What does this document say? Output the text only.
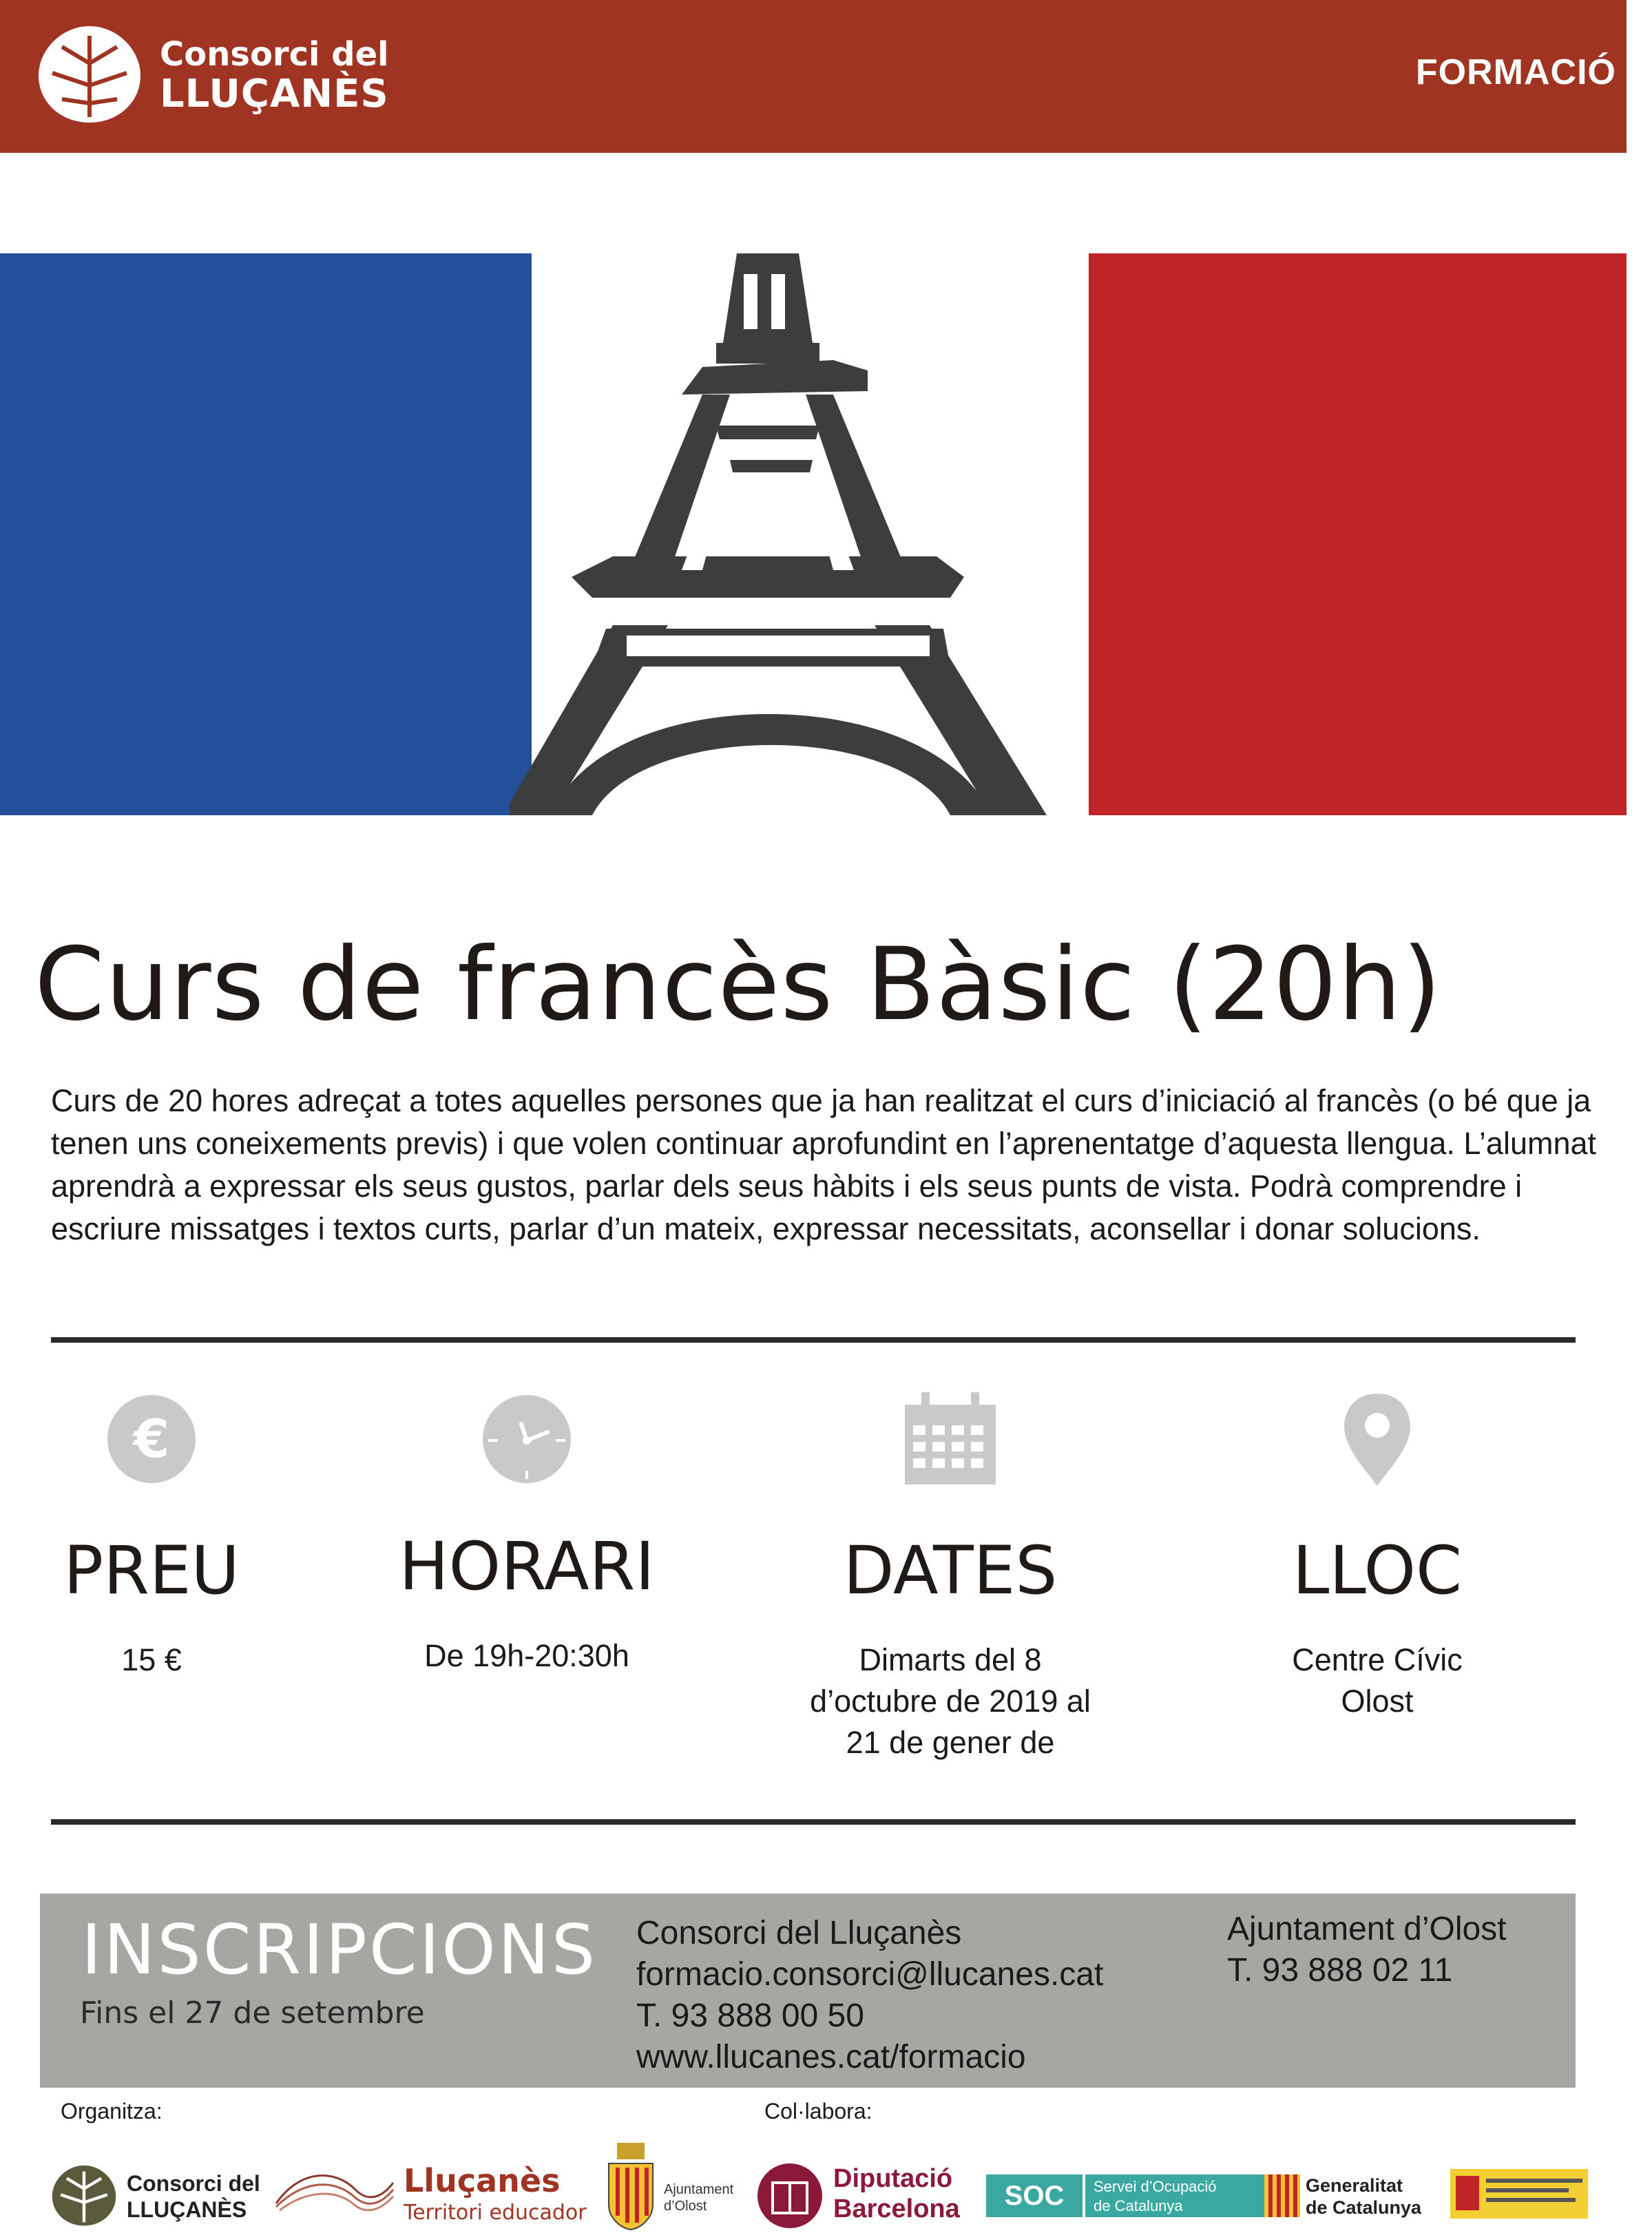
Consorci del
LLUÇANÈS	FORMACIÓ
Curs de francès Bàsic (20h)
Curs de 20 hores adreçat a totes aquelles persones que ja han realitzat el curs d’iniciació al francès (o bé que ja tenen uns coneixements previs) i que volen continuar aprofundint en l’aprenentatge d’aquesta llengua. L’alumnat aprendrà a expressar els seus gustos, parlar dels seus hàbits i els seus punts de vista. Podrà comprendre i escriure missatges i textos curts, parlar d’un mateix, expressar necessitats, aconsellar i donar solucions.
€
PREU
15 €
HORARI
De 19h-20:30h
DATES
Dimarts del 8
d’octubre de 2019 al
21 de gener de
LLOC
Centre Cívic
Olost
INSCRIPCIONS
Fins el 27 de setembre
Consorci del Lluçanès
formacio.consorci@llucanes.cat
T. 93 888 00 50
www.llucanes.cat/formacio
Ajuntament d’Olost
T. 93 888 02 11
Organitza:	Col·labora:
Consorci del
LLUÇANÈS
Lluçanès
Territori educador
Ajuntament
d’Olost
Diputació
Barcelona	SOC	Servei d’Ocupació
de Catalunya
Generalitat
de Catalunya
